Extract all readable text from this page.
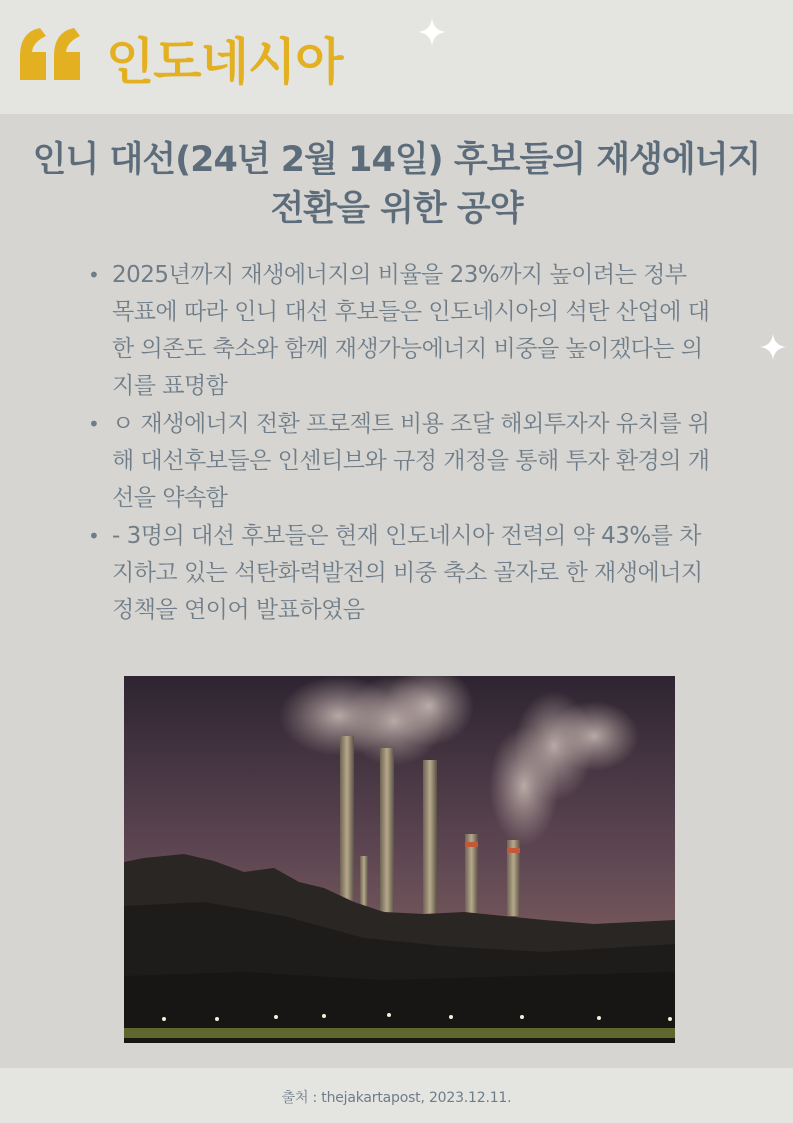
인도네시아
인니 대선(24년 2월 14일) 후보들의 재생에너지 전환을 위한 공약
• 2025년까지 재생에너지의 비율을 23%까지 높이려는 정부 목표에 따라 인니 대선 후보들은 인도네시아의 석탄 산업에 대한 의존도 축소와 함께 재생가능에너지 비중을 높이겠다는 의지를 표명함
• ㅇ 재생에너지 전환 프로젝트 비용 조달 해외투자자 유치를 위해 대선후보들은 인센티브와 규정 개정을 통해 투자 환경의 개선을 약속함
• - 3명의 대선 후보들은 현재 인도네시아 전력의 약 43%를 차지하고 있는 석탄화력발전의 비중 축소 골자로 한 재생에너지 정책을 연이어 발표하였음
출처 : thejakartapost, 2023.12.11.
